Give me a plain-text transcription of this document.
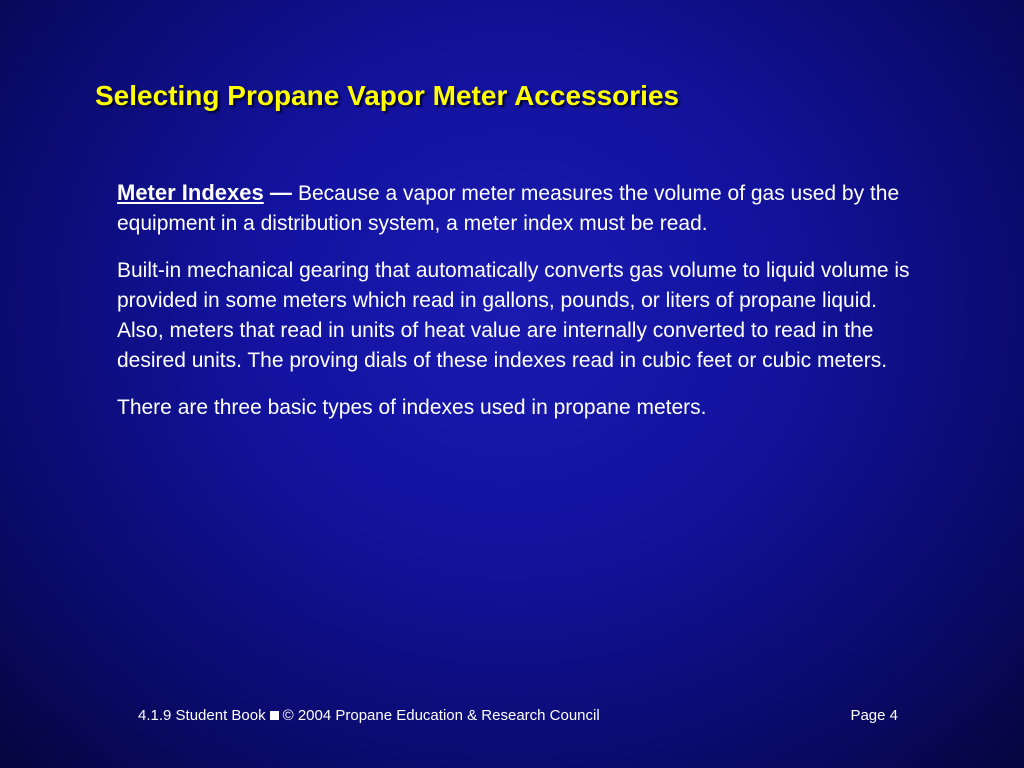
Selecting Propane Vapor Meter Accessories

Meter Indexes — Because a vapor meter measures the volume of gas used by the equipment in a distribution system, a meter index must be read.

Built-in mechanical gearing that automatically converts gas volume to liquid volume is provided in some meters which read in gallons, pounds, or liters of propane liquid. Also, meters that read in units of heat value are internally converted to read in the desired units. The proving dials of these indexes read in cubic feet or cubic meters.

There are three basic types of indexes used in propane meters.

4.1.9 Student Book © 2004 Propane Education & Research Council	Page 4
